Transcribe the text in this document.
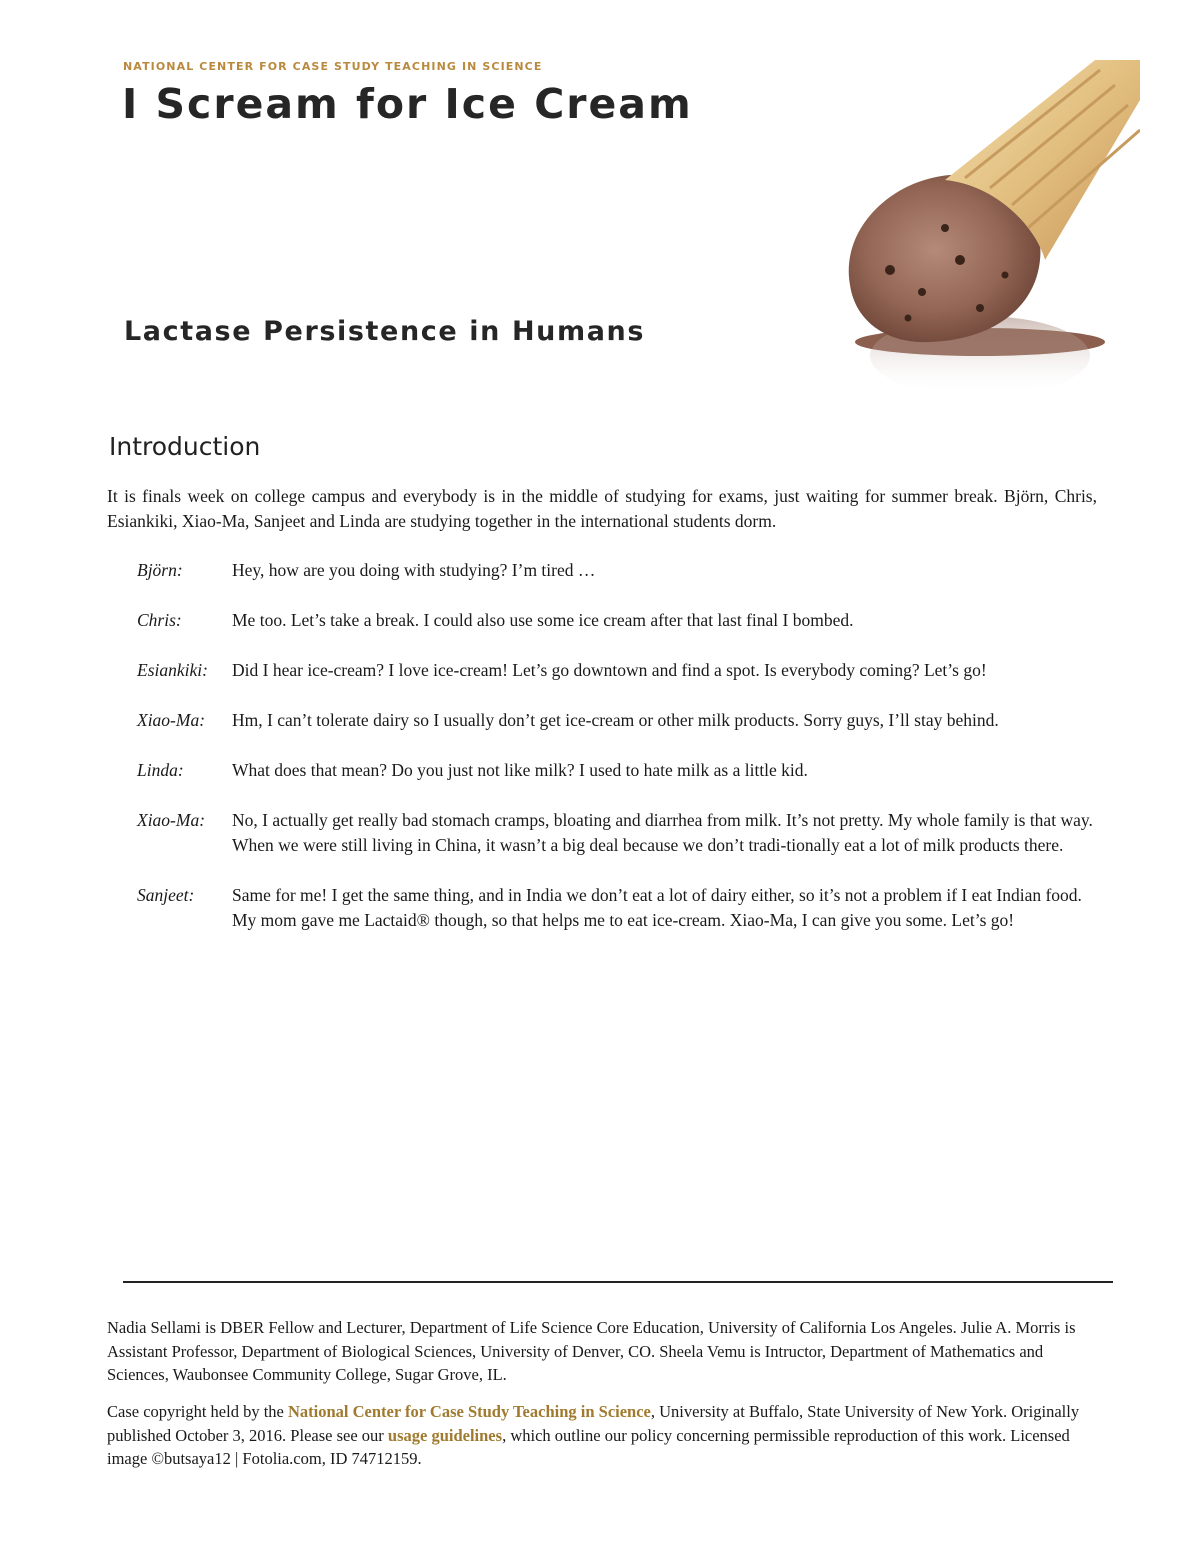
NATIONAL CENTER FOR CASE STUDY TEACHING IN SCIENCE
I Scream for Ice Cream
Lactase Persistence in Humans
Introduction

It is finals week on college campus and everybody is in the middle of studying for exams, just waiting for summer break. Björn, Chris, Esiankiki, Xiao-Ma, Sanjeet and Linda are studying together in the international students dorm.

Björn:	Hey, how are you doing with studying? I’m tired …
Chris:	Me too. Let’s take a break. I could also use some ice cream after that last final I bombed.
Esiankiki: Did I hear ice-cream? I love ice-cream! Let’s go downtown and find a spot. Is everybody coming? Let’s go!
Xiao-Ma: Hm, I can’t tolerate dairy so I usually don’t get ice-cream or other milk products. Sorry guys, I’ll stay behind.
Linda:	What does that mean? Do you just not like milk? I used to hate milk as a little kid.
Xiao-Ma: No, I actually get really bad stomach cramps, bloating and diarrhea from milk. It’s not pretty. My whole family is that way. When we were still living in China, it wasn’t a big deal because we don’t tradi-tionally eat a lot of milk products there.
Sanjeet: Same for me! I get the same thing, and in India we don’t eat a lot of dairy either, so it’s not a problem if I eat Indian food. My mom gave me Lactaid® though, so that helps me to eat ice-cream. Xiao-Ma, I can give you some. Let’s go!

Nadia Sellami is DBER Fellow and Lecturer, Department of Life Science Core Education, University of California Los Angeles. Julie A. Morris is Assistant Professor, Department of Biological Sciences, University of Denver, CO. Sheela Vemu is Intructor, Department of Mathematics and Sciences, Waubonsee Community College, Sugar Grove, IL.

Case copyright held by the National Center for Case Study Teaching in Science, University at Buffalo, State University of New York. Originally published October 3, 2016. Please see our usage guidelines, which outline our policy concerning permissible reproduction of this work. Licensed image ©butsaya12 | Fotolia.com, ID 74712159.
